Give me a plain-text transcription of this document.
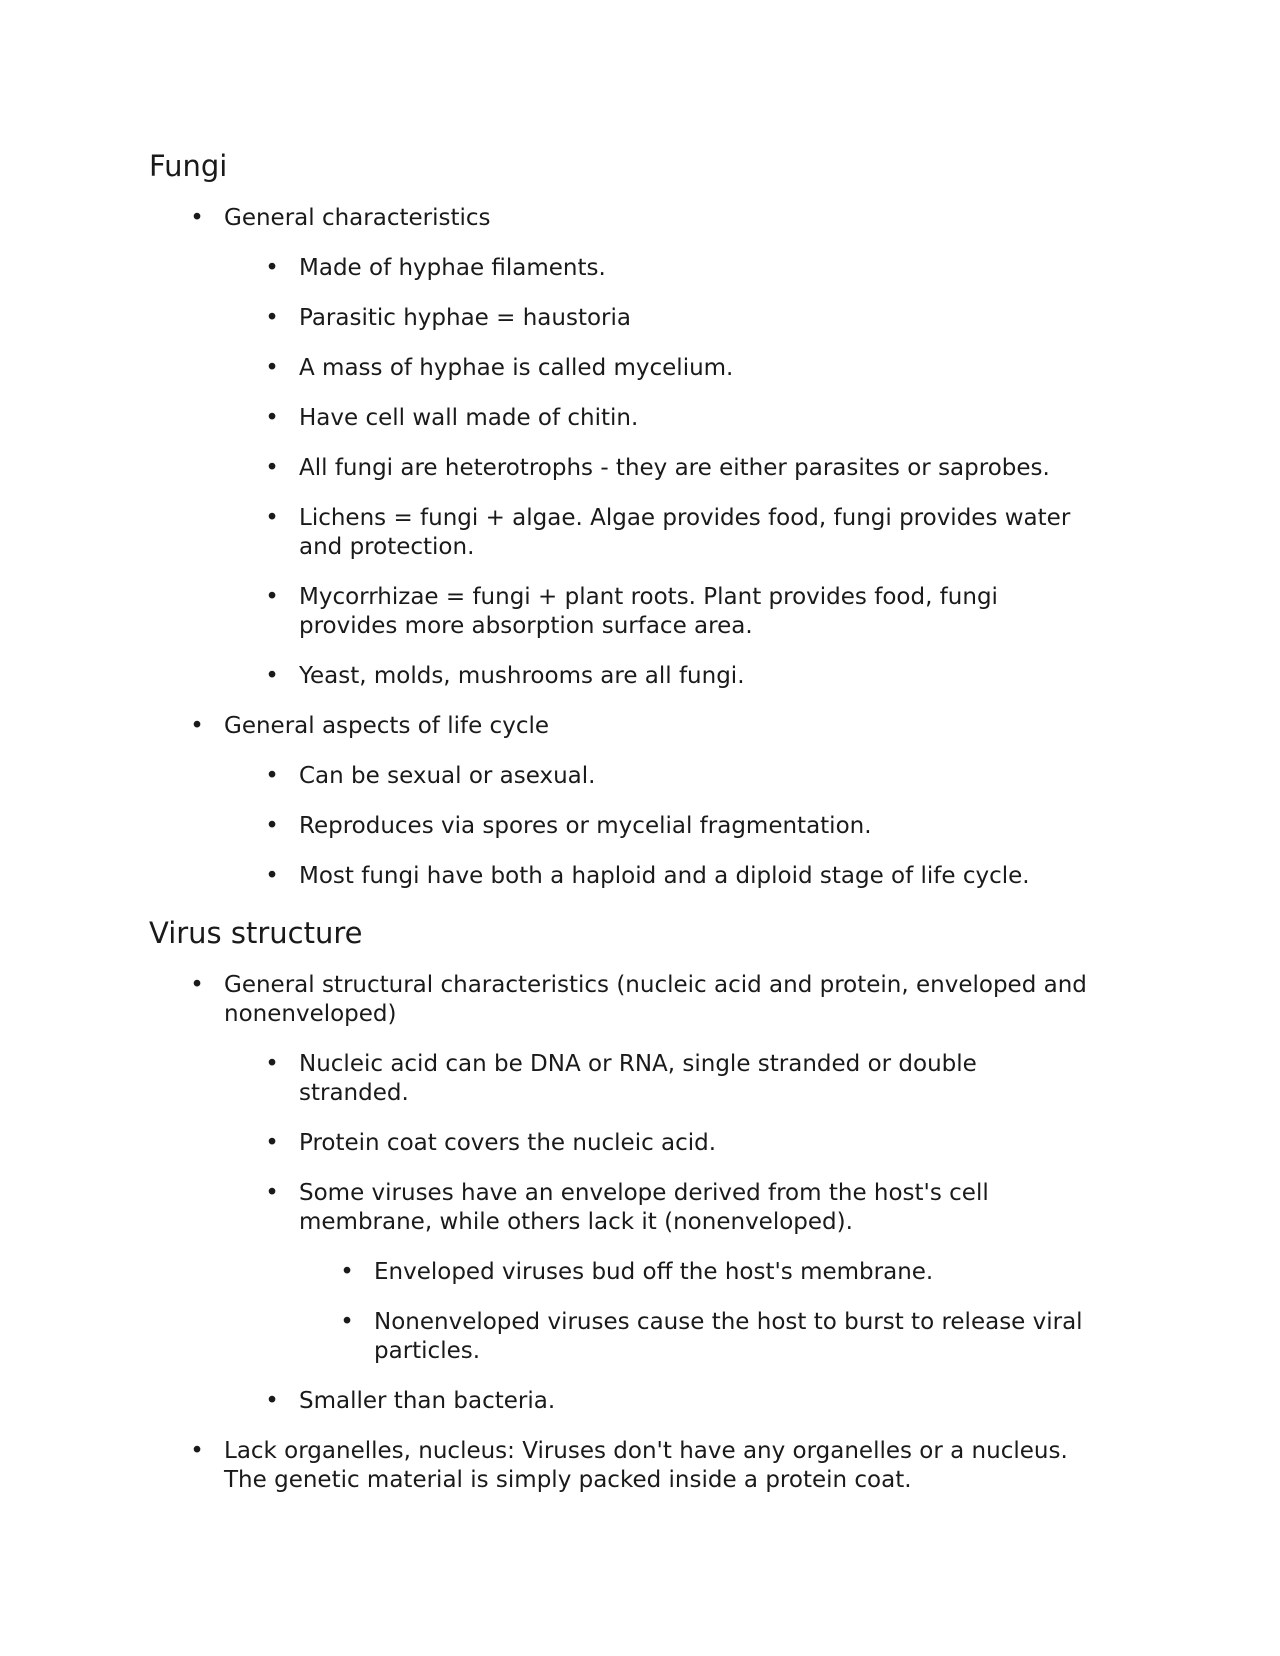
Fungi
• General characteristics
• Made of hyphae filaments.
• Parasitic hyphae = haustoria
• A mass of hyphae is called mycelium.
• Have cell wall made of chitin.
• All fungi are heterotrophs - they are either parasites or saprobes.
• Lichens = fungi + algae. Algae provides food, fungi provides water and protection.
• Mycorrhizae = fungi + plant roots. Plant provides food, fungi provides more absorption surface area.
• Yeast, molds, mushrooms are all fungi.
• General aspects of life cycle
• Can be sexual or asexual.
• Reproduces via spores or mycelial fragmentation.
• Most fungi have both a haploid and a diploid stage of life cycle.
Virus structure
• General structural characteristics (nucleic acid and protein, enveloped and nonenveloped)
• Nucleic acid can be DNA or RNA, single stranded or double stranded.
• Protein coat covers the nucleic acid.
• Some viruses have an envelope derived from the host's cell membrane, while others lack it (nonenveloped).
• Enveloped viruses bud off the host's membrane.
• Nonenveloped viruses cause the host to burst to release viral particles.
• Smaller than bacteria.
• Lack organelles, nucleus: Viruses don't have any organelles or a nucleus. The genetic material is simply packed inside a protein coat.
